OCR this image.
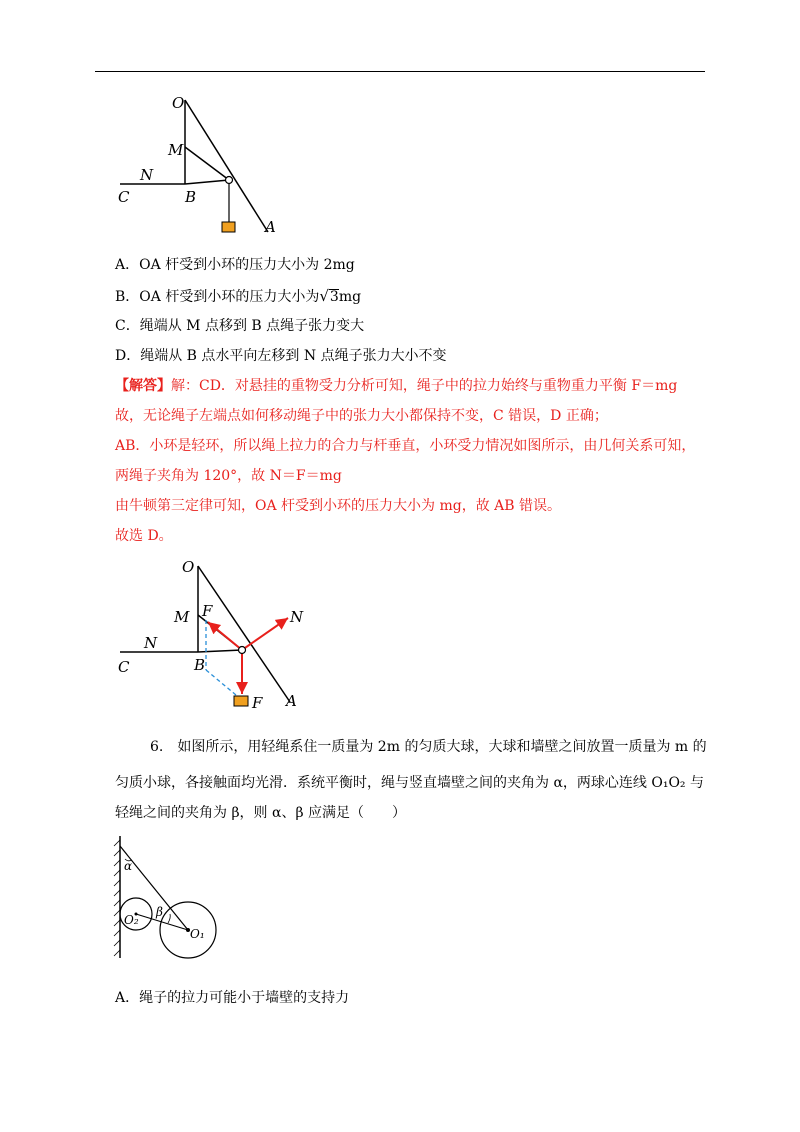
O
M
N
C	B
A
A．OA 杆受到小环的压力大小为 2mg
B．OA 杆受到小环的压力大小为√3mg
C．绳端从 M 点移到 B 点绳子张力变大
D．绳端从 B 点水平向左移到 N 点绳子张力大小不变
【解答】解：CD．对悬挂的重物受力分析可知，绳子中的拉力始终与重物重力平衡 F＝mg
故，无论绳子左端点如何移动绳子中的张力大小都保持不变，C 错误，D 正确；
AB．小环是轻环，所以绳上拉力的合力与杆垂直，小环受力情况如图所示，由几何关系可知，
两绳子夹角为 120°，故 N＝F＝mg
由牛顿第三定律可知，OA 杆受到小环的压力大小为 mg，故 AB 错误。
故选 D。
O
M F	N
N
C	B
F A
6.　如图所示，用轻绳系住一质量为 2m 的匀质大球，大球和墙壁之间放置一质量为 m 的
匀质小球，各接触面均光滑．系统平衡时，绳与竖直墙壁之间的夹角为 α，两球心连线 O₁O₂ 与
轻绳之间的夹角为 β，则 α、β 应满足（　　）
α
β
O₂
O₁
A．绳子的拉力可能小于墙壁的支持力
